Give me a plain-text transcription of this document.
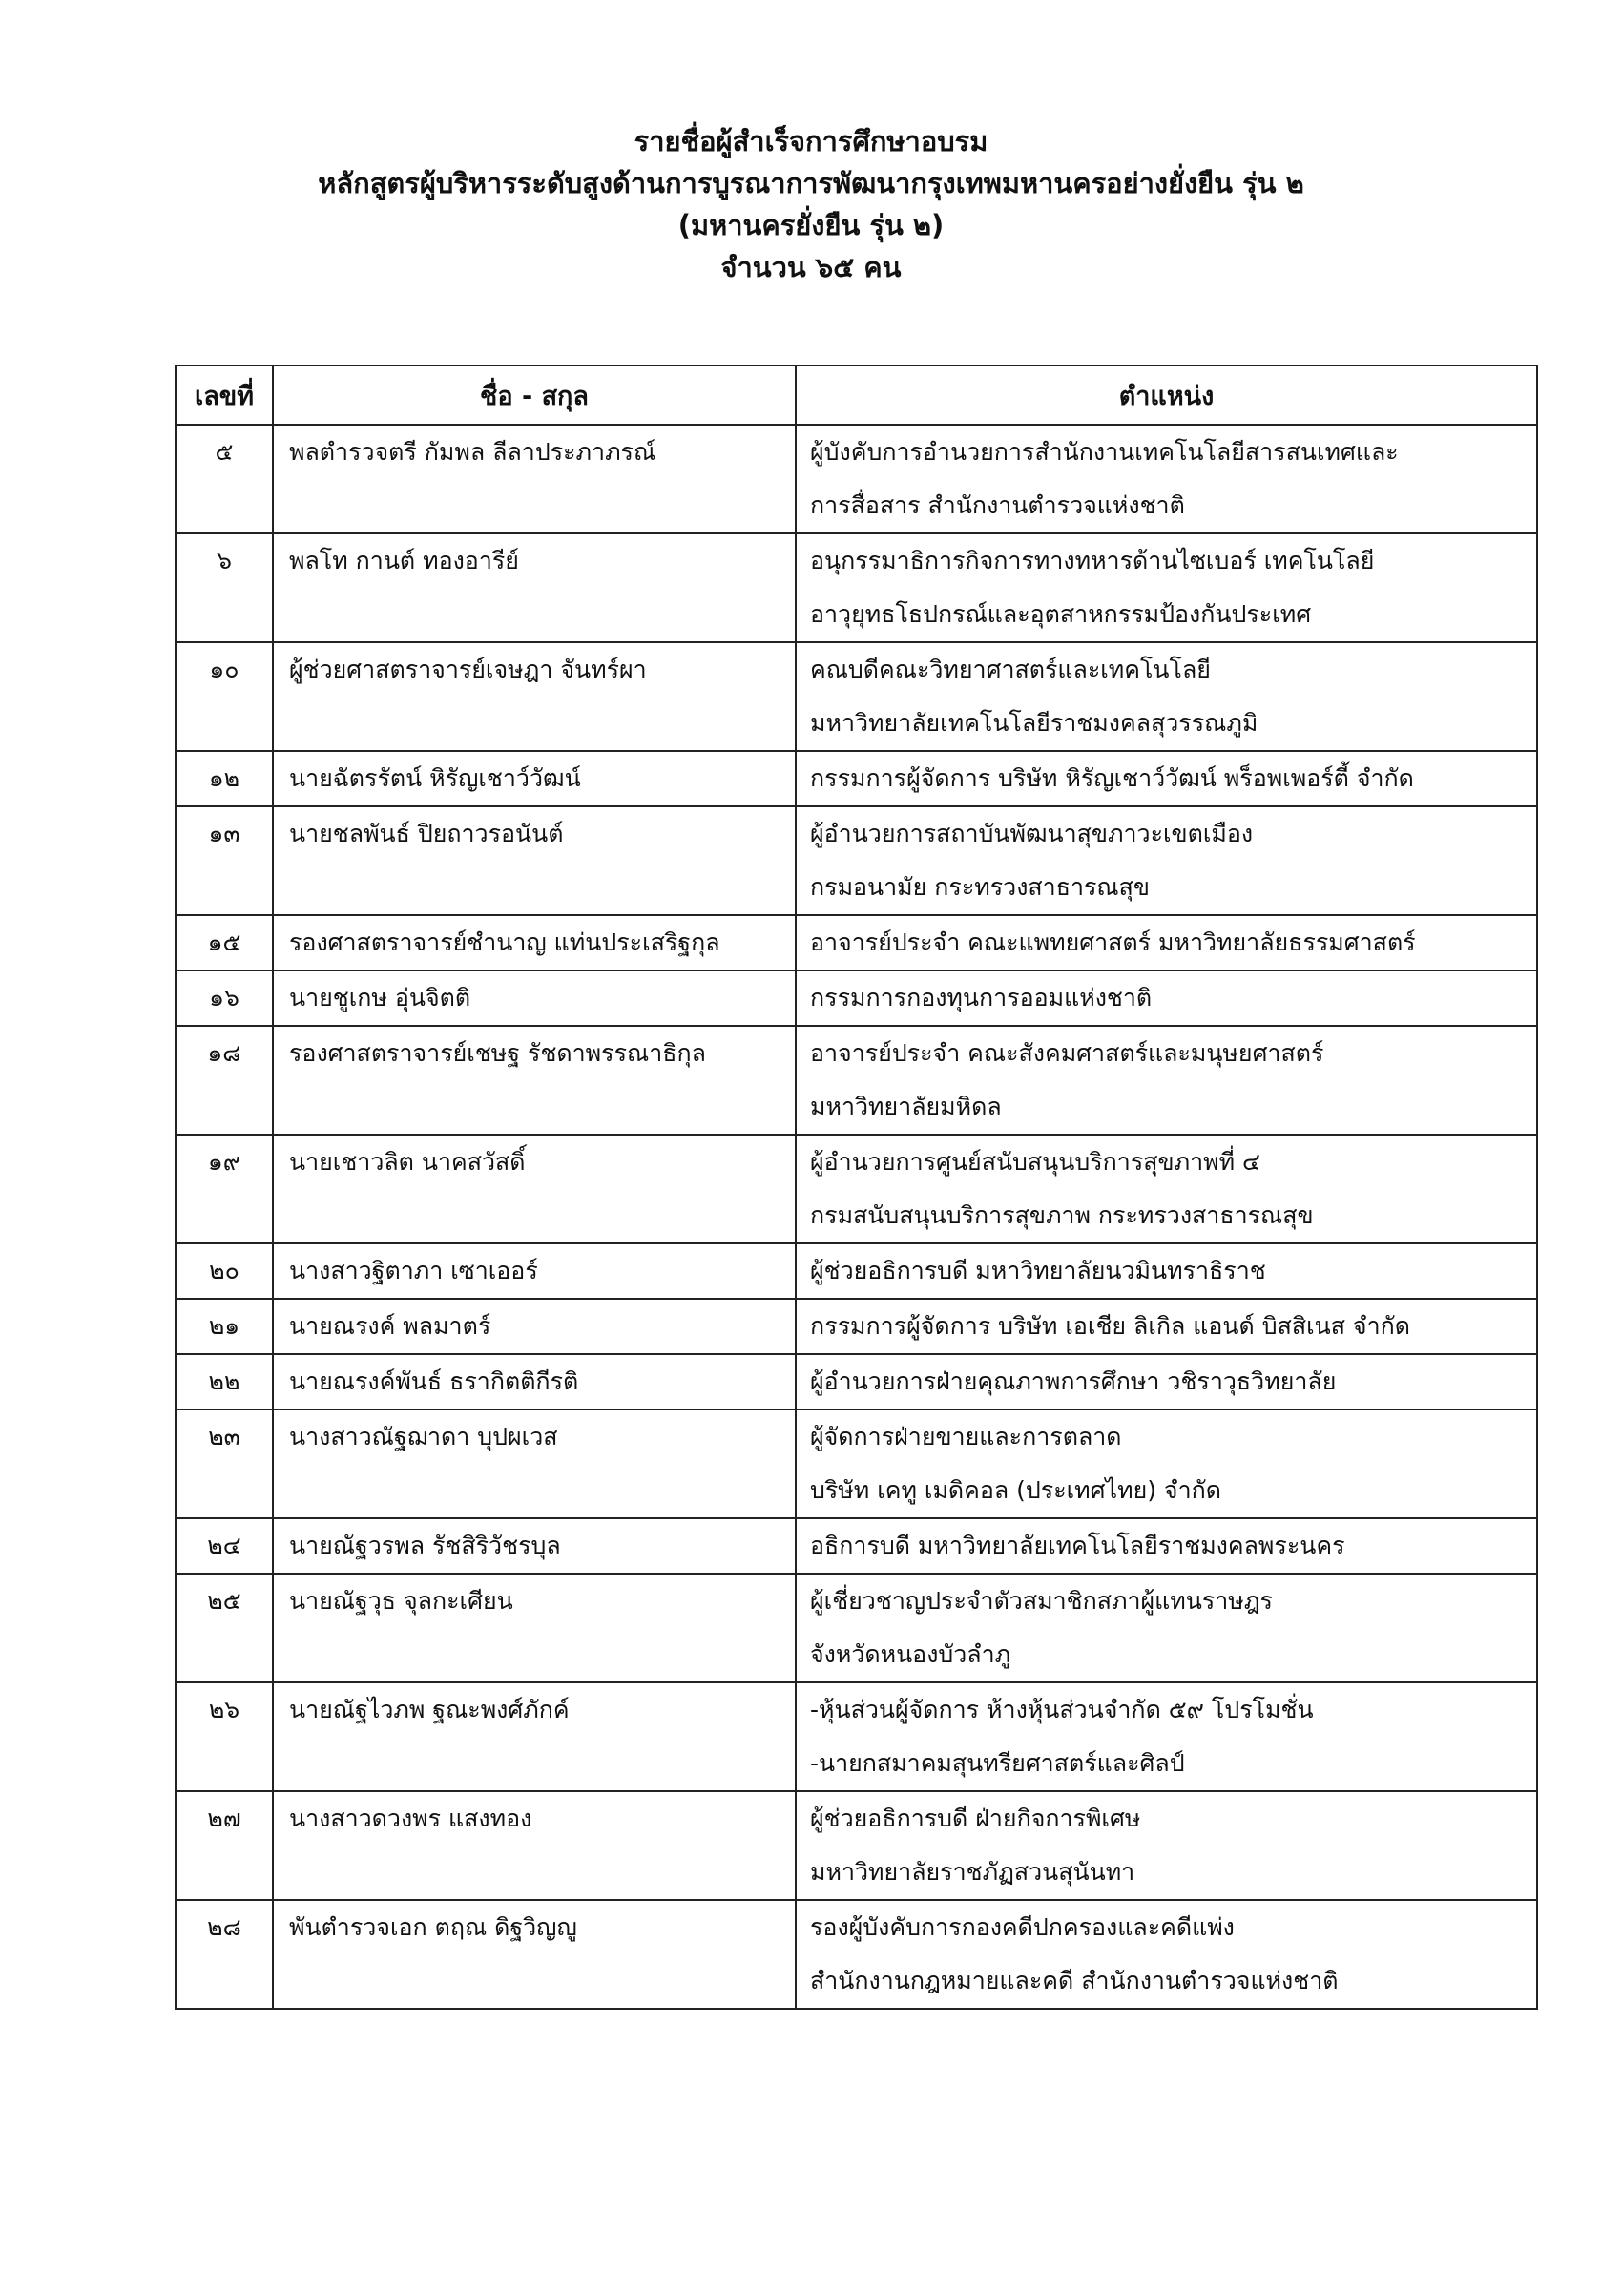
รายชื่อผู้สำเร็จการศึกษาอบรม
หลักสูตรผู้บริหารระดับสูงด้านการบูรณาการพัฒนากรุงเทพมหานครอย่างยั่งยืน รุ่น ๒
(มหานครยั่งยืน รุ่น ๒)
จำนวน ๖๕ คน
เลขที่	ชื่อ - สกุล	ตำแหน่ง

๕	พลตำรวจตรี กัมพล ลีลาประภาภรณ์	ผู้บังคับการอำนวยการสำนักงานเทคโนโลยีสารสนเทศและ
การสื่อสาร สำนักงานตำรวจแห่งชาติ

๖	พลโท กานต์ ทองอารีย์	อนุกรรมาธิการกิจการทางทหารด้านไซเบอร์ เทคโนโลยี
อาวุยุทธโธปกรณ์และอุตสาหกรรมป้องกันประเทศ

๑๐	ผู้ช่วยศาสตราจารย์เจษฎา จันทร์ผา	คณบดีคณะวิทยาศาสตร์และเทคโนโลยี
มหาวิทยาลัยเทคโนโลยีราชมงคลสุวรรณภูมิ

๑๒	นายฉัตรรัตน์ หิรัญเชาว์วัฒน์	กรรมการผู้จัดการ บริษัท หิรัญเชาว์วัฒน์ พร็อพเพอร์ตี้ จำกัด

๑๓	นายชลพันธ์ ปิยถาวรอนันต์	ผู้อำนวยการสถาบันพัฒนาสุขภาวะเขตเมือง
กรมอนามัย กระทรวงสาธารณสุข

๑๕	รองศาสตราจารย์ชำนาญ แท่นประเสริฐกุล	อาจารย์ประจำ คณะแพทยศาสตร์ มหาวิทยาลัยธรรมศาสตร์

๑๖	นายชูเกษ อุ่นจิตติ	กรรมการกองทุนการออมแห่งชาติ

๑๘	รองศาสตราจารย์เชษฐ รัชดาพรรณาธิกุล	อาจารย์ประจำ คณะสังคมศาสตร์และมนุษยศาสตร์
มหาวิทยาลัยมหิดล

๑๙	นายเชาวลิต นาคสวัสดิ์	ผู้อำนวยการศูนย์สนับสนุนบริการสุขภาพที่ ๔
กรมสนับสนุนบริการสุขภาพ กระทรวงสาธารณสุข

๒๐	นางสาวฐิตาภา เซาเออร์	ผู้ช่วยอธิการบดี มหาวิทยาลัยนวมินทราธิราช

๒๑	นายณรงค์ พลมาตร์	กรรมการผู้จัดการ บริษัท เอเชีย ลิเกิล แอนด์ บิสสิเนส จำกัด

๒๒	นายณรงค์พันธ์ ธรากิตติกีรติ	ผู้อำนวยการฝ่ายคุณภาพการศึกษา วชิราวุธวิทยาลัย

๒๓	นางสาวณัฐฌาดา บุปผเวส	ผู้จัดการฝ่ายขายและการตลาด
บริษัท เคทู เมดิคอล (ประเทศไทย) จำกัด

๒๔	นายณัฐวรพล รัชสิริวัชรบุล	อธิการบดี มหาวิทยาลัยเทคโนโลยีราชมงคลพระนคร

๒๕	นายณัฐวุธ จุลกะเศียน	ผู้เชี่ยวชาญประจำตัวสมาชิกสภาผู้แทนราษฎร
จังหวัดหนองบัวลำภู

๒๖	นายณัฐไวภพ ฐณะพงศ์ภักค์	-หุ้นส่วนผู้จัดการ ห้างหุ้นส่วนจำกัด ๕๙ โปรโมชั่น
-นายกสมาคมสุนทรียศาสตร์และศิลป์

๒๗	นางสาวดวงพร แสงทอง	ผู้ช่วยอธิการบดี ฝ่ายกิจการพิเศษ
มหาวิทยาลัยราชภัฏสวนสุนันทา

๒๘	พันตำรวจเอก ตฤณ ดิฐวิญญู	รองผู้บังคับการกองคดีปกครองและคดีแพ่ง
สำนักงานกฎหมายและคดี สำนักงานตำรวจแห่งชาติ
